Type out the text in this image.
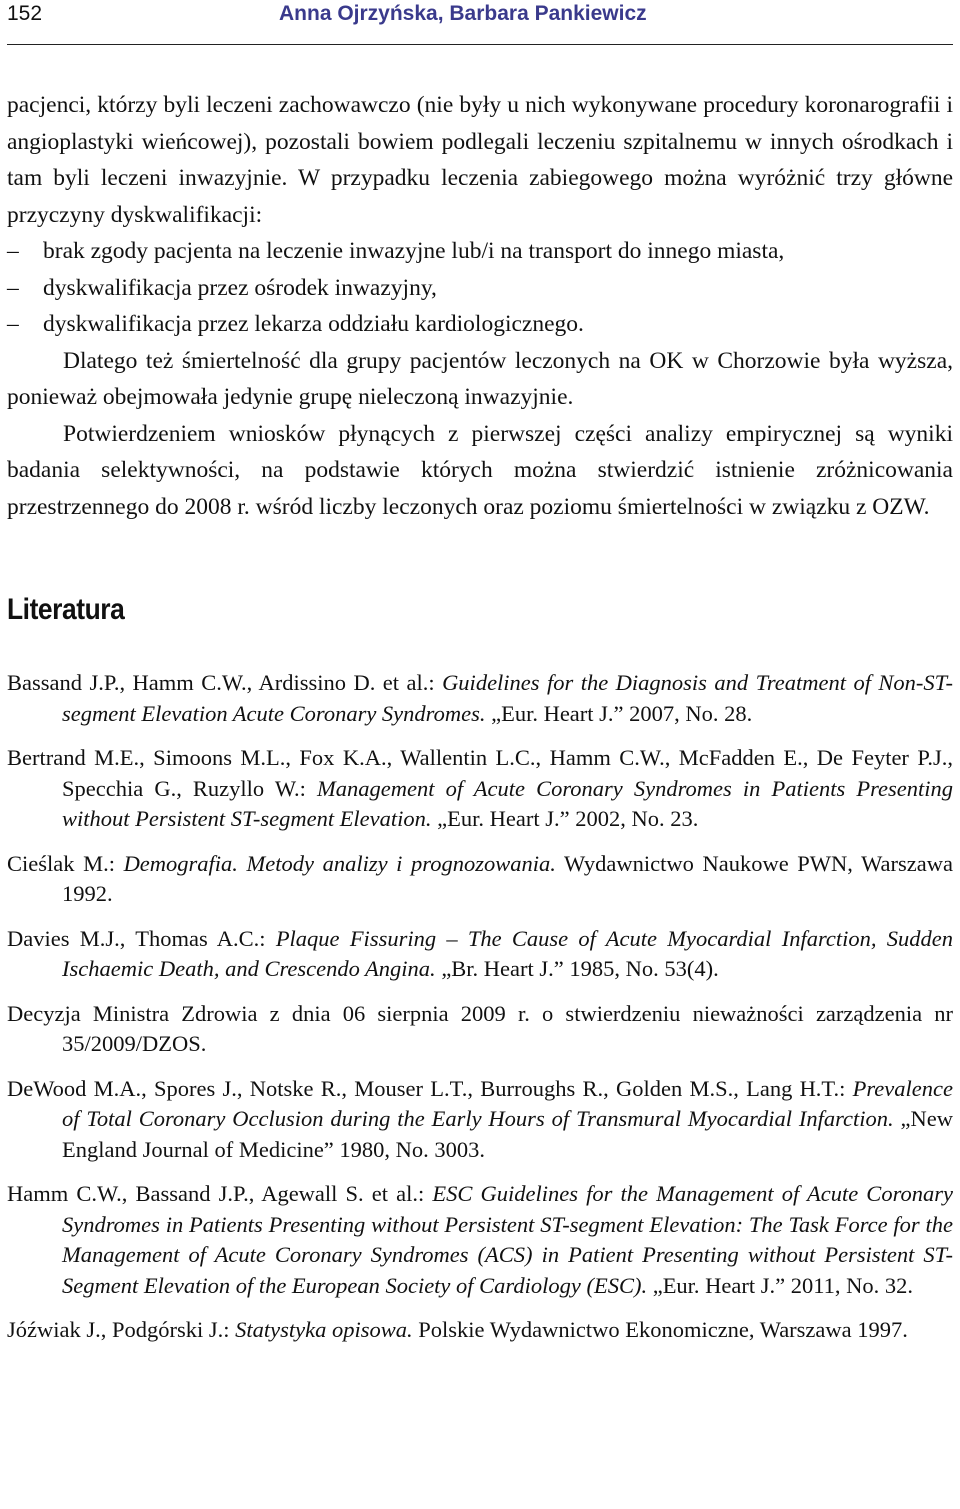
152	Anna Ojrzyńska, Barbara Pankiewicz

pacjenci, którzy byli leczeni zachowawczo (nie były u nich wykonywane procedury koronarografii i angioplastyki wieńcowej), pozostali bowiem podlegali leczeniu szpitalnemu w innych ośrodkach i tam byli leczeni inwazyjnie. W przypadku leczenia zabiegowego można wyróżnić trzy główne przyczyny dyskwalifikacji:

– brak zgody pacjenta na leczenie inwazyjne lub/i na transport do innego miasta,
– dyskwalifikacja przez ośrodek inwazyjny,
– dyskwalifikacja przez lekarza oddziału kardiologicznego.

Dlatego też śmiertelność dla grupy pacjentów leczonych na OK w Chorzowie była wyższa, ponieważ obejmowała jedynie grupę nieleczoną inwazyjnie.

Potwierdzeniem wniosków płynących z pierwszej części analizy empirycznej są wyniki badania selektywności, na podstawie których można stwierdzić istnienie zróżnicowania przestrzennego do 2008 r. wśród liczby leczonych oraz poziomu śmiertelności w związku z OZW.

Literatura

Bassand J.P., Hamm C.W., Ardissino D. et al.: Guidelines for the Diagnosis and Treatment of Non-ST-segment Elevation Acute Coronary Syndromes. „Eur. Heart J.” 2007, No. 28.

Bertrand M.E., Simoons M.L., Fox K.A., Wallentin L.C., Hamm C.W., McFadden E., De Feyter P.J., Specchia G., Ruzyllo W.: Management of Acute Coronary Syndromes in Patients Presenting without Persistent ST-segment Elevation. „Eur. Heart J.” 2002, No. 23.

Cieślak M.: Demografia. Metody analizy i prognozowania. Wydawnictwo Naukowe PWN, Warszawa 1992.

Davies M.J., Thomas A.C.: Plaque Fissuring – The Cause of Acute Myocardial Infarction, Sudden Ischaemic Death, and Crescendo Angina. „Br. Heart J.” 1985, No. 53(4).

Decyzja Ministra Zdrowia z dnia 06 sierpnia 2009 r. o stwierdzeniu nieważności zarządzenia nr 35/2009/DZOS.

DeWood M.A., Spores J., Notske R., Mouser L.T., Burroughs R., Golden M.S., Lang H.T.: Prevalence of Total Coronary Occlusion during the Early Hours of Transmural Myocardial Infarction. „New England Journal of Medicine” 1980, No. 3003.

Hamm C.W., Bassand J.P., Agewall S. et al.: ESC Guidelines for the Management of Acute Coronary Syndromes in Patients Presenting without Persistent ST-segment Elevation: The Task Force for the Management of Acute Coronary Syndromes (ACS) in Patient Presenting without Persistent ST-Segment Elevation of the European Society of Cardiology (ESC). „Eur. Heart J.” 2011, No. 32.

Jóźwiak J., Podgórski J.: Statystyka opisowa. Polskie Wydawnictwo Ekonomiczne, Warszawa 1997.
